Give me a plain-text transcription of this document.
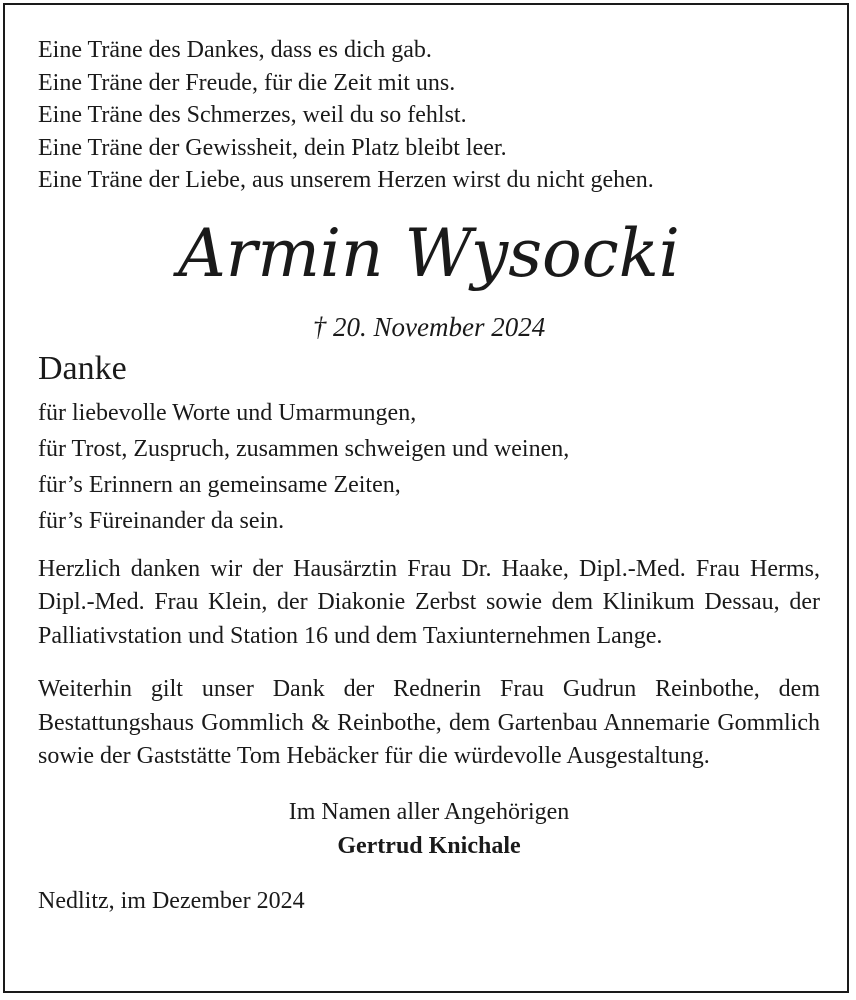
Eine Träne des Dankes, dass es dich gab.
Eine Träne der Freude, für die Zeit mit uns.
Eine Träne des Schmerzes, weil du so fehlst.
Eine Träne der Gewissheit, dein Platz bleibt leer.
Eine Träne der Liebe, aus unserem Herzen wirst du nicht gehen.
Armin Wysocki
† 20. November 2024
Danke
für liebevolle Worte und Umarmungen,
für Trost, Zuspruch, zusammen schweigen und weinen,
für’s Erinnern an gemeinsame Zeiten,
für’s Füreinander da sein.
Herzlich danken wir der Hausärztin Frau Dr. Haake, Dipl.-Med. Frau Herms, Dipl.-Med. Frau Klein, der Diakonie Zerbst sowie dem Klinikum Dessau, der Palliativstation und Station 16 und dem Taxiunternehmen Lange.
Weiterhin gilt unser Dank der Rednerin Frau Gudrun Reinbothe, dem Bestattungshaus Gommlich & Reinbothe, dem Gartenbau Annemarie Gommlich sowie der Gaststätte Tom Hebäcker für die würdevolle Ausgestaltung.
Im Namen aller Angehörigen
Gertrud Knichale
Nedlitz, im Dezember 2024
